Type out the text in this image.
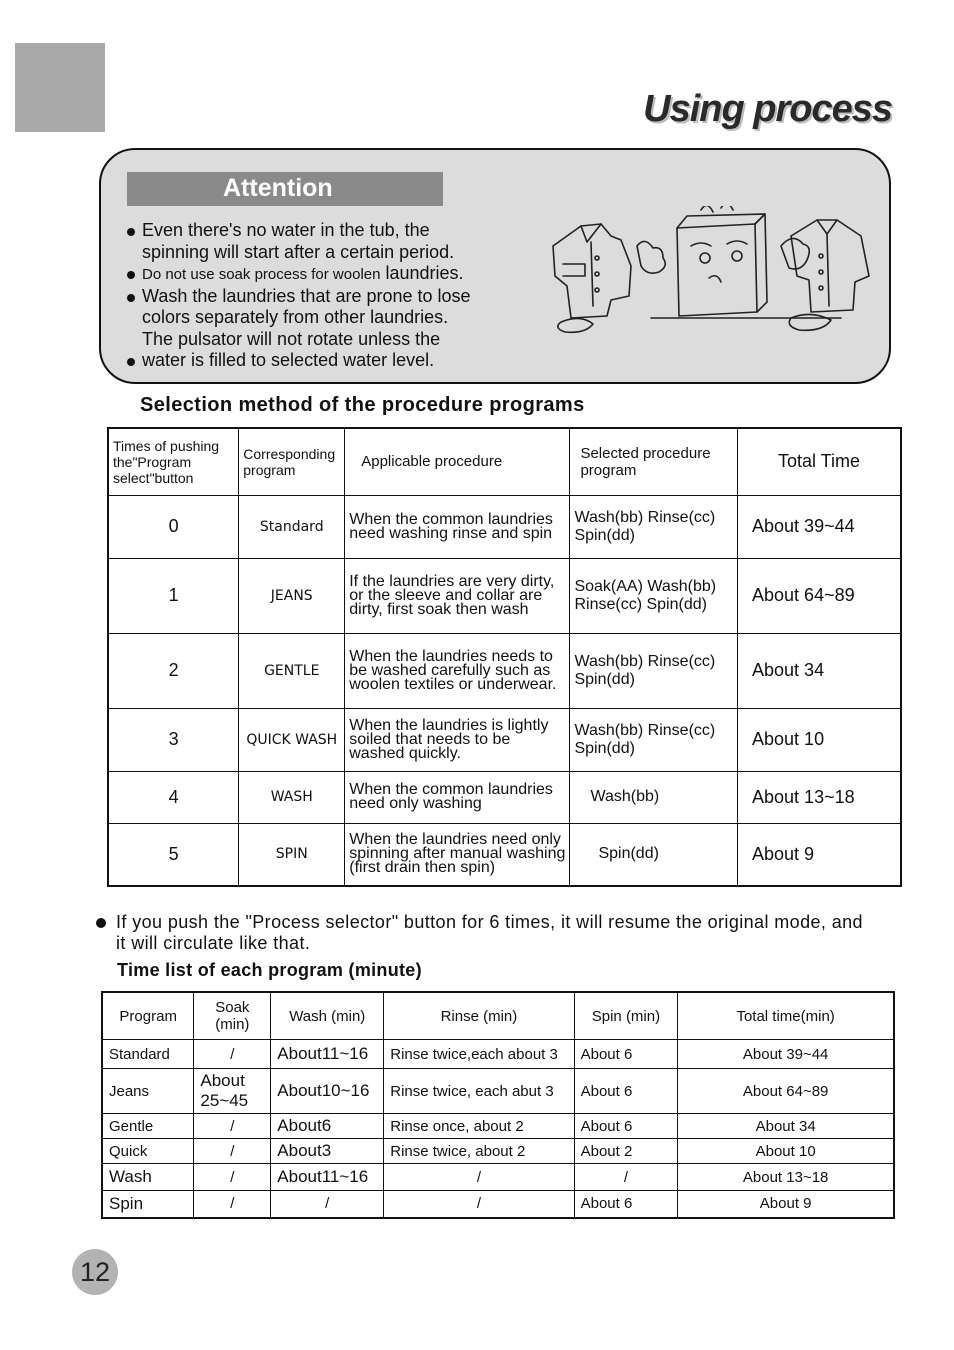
Using process
Attention
Even there's no water in the tub, the
spinning will start after a certain period.
Do not use soak process for woolen laundries.
Wash the laundries that are prone to lose
colors separately from other laundries.
The pulsator will not rotate unless the
water is filled to selected water level.
Selection method of the procedure programs
Times of pushing the"Program select"button	Corresponding program	Applicable procedure	Selected procedure program	Total Time
0	Standard	When the common laundries need washing rinse and spin	Wash(bb) Rinse(cc) Spin(dd)	About 39~44
1	JEANS	If the laundries are very dirty, or the sleeve and collar are dirty, first soak then wash	Soak(AA) Wash(bb) Rinse(cc) Spin(dd)	About 64~89
2	GENTLE	When the laundries needs to be washed carefully such as woolen textiles or underwear.	Wash(bb) Rinse(cc) Spin(dd)	About 34
3	QUICK WASH	When the laundries is lightly soiled that needs to be washed quickly.	Wash(bb) Rinse(cc) Spin(dd)	About 10
4	WASH	When the common laundries need only washing	Wash(bb)	About 13~18
5	SPIN	When the laundries need only spinning after manual washing (first drain then spin)	Spin(dd)	About 9
If you push the "Process selector" button for 6 times, it will resume the original mode, and it will circulate like that.
Time list of each program (minute)
Program	Soak (min)	Wash (min)	Rinse (min)	Spin (min)	Total time(min)
Standard	/	About11~16	Rinse twice,each about 3	About 6	About 39~44
Jeans	About 25~45	About10~16	Rinse twice, each abut 3	About 6	About 64~89
Gentle	/	About6	Rinse once, about 2	About 6	About 34
Quick	/	About3	Rinse twice, about 2	About 2	About 10
Wash	/	About11~16	/	/	About 13~18
Spin	/	/	/	About 6	About 9
12
